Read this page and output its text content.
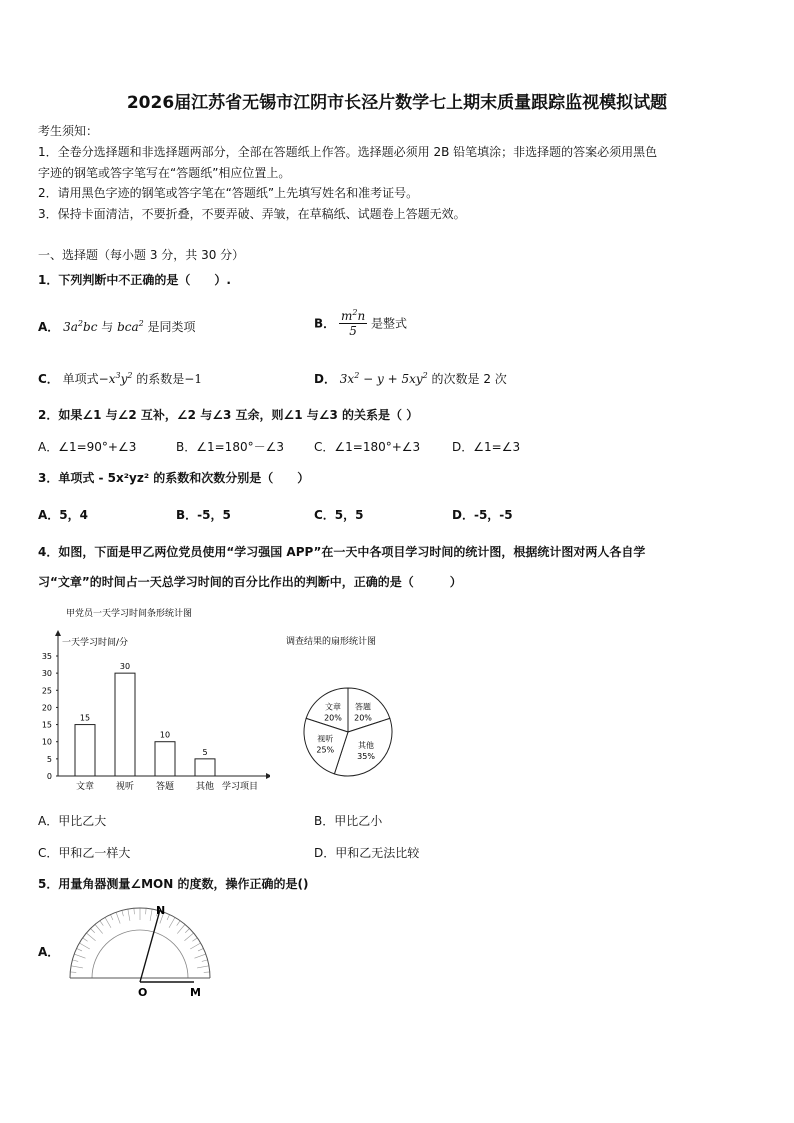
2026届江苏省无锡市江阴市长泾片数学七上期末质量跟踪监视模拟试题
考生须知：
1．全卷分选择题和非选择题两部分，全部在答题纸上作答。选择题必须用 2B 铅笔填涂；非选择题的答案必须用黑色
字迹的钢笔或答字笔写在“答题纸”相应位置上。
2．请用黑色字迹的钢笔或答字笔在“答题纸”上先填写姓名和准考证号。
3．保持卡面清洁，不要折叠，不要弄破、弄皱，在草稿纸、试题卷上答题无效。
一、选择题（每小题 3 分，共 30 分）
1．下列判断中不正确的是（　　）.
A． $3a^2bc$ 与 bca$^2$ 是同类项	B． $\frac{m^2n}{5}$ 是整式
C． 单项式$-x^3y^2$ 的系数是−1	D． $3x^2 - y + 5xy^2$ 的次数是 2 次
2．如果∠1 与∠2 互补，∠2 与∠3 互余，则∠1 与∠3 的关系是（ ）
A．∠1=90°+∠3	B．∠1=180°－∠3	C．∠1=180°+∠3	D．∠1=∠3
3．单项式 - 5x²yz² 的系数和次数分别是（　　）
A．5，4	B．-5，5	C．5，5	D．-5，-5
4．如图，下面是甲乙两位党员使用“学习强国 APP”在一天中各项目学习时间的统计图，根据统计图对两人各自学
习“文章”的时间占一天总学习时间的百分比作出的判断中，正确的是（　　　）
甲党员一天学习时间条形统计图
一天学习时间/分
学习项目
0
5
10
15
20
25
30
35
15
文章
30
视听
10
答题
5
其他
调查结果的扇形统计图
文章
20%
答题
20%
其他
35%
视听
25%
A．甲比乙大	B．甲比乙小
C．甲和乙一样大	D．甲和乙无法比较
5．用量角器测量∠MON 的度数，操作正确的是()
A．
N
O	M
